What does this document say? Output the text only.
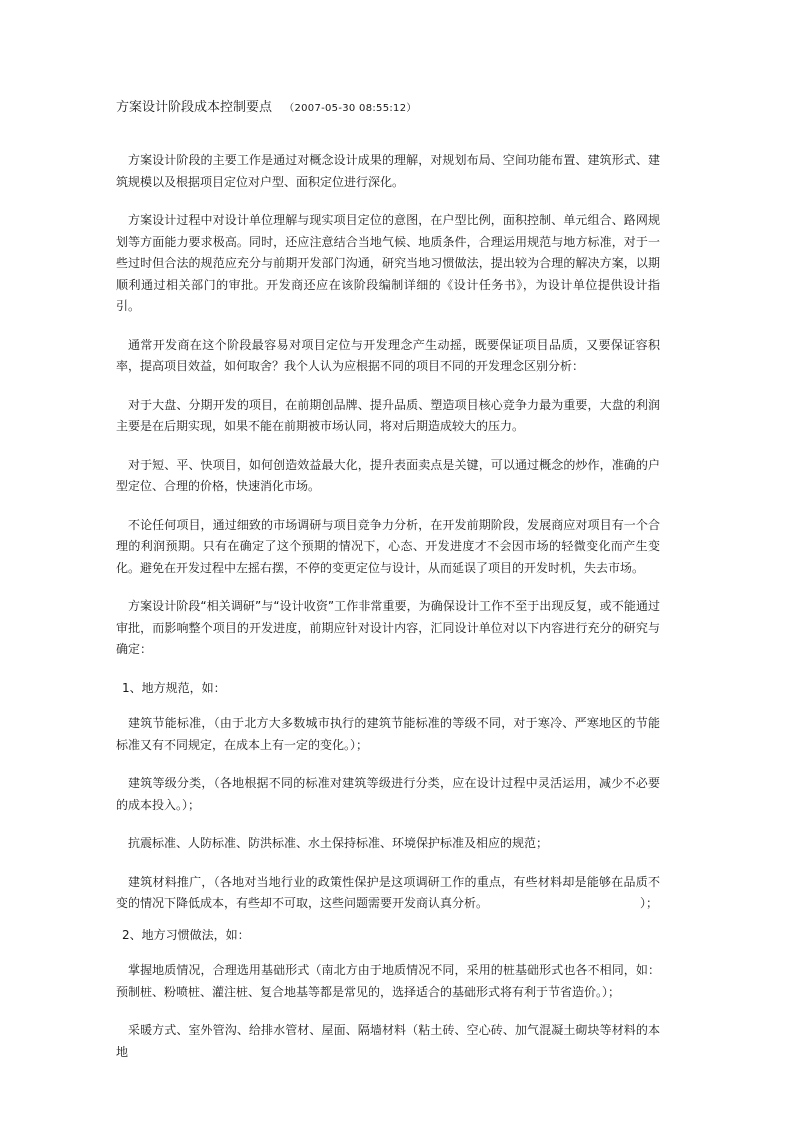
方案设计阶段成本控制要点 （2007-05-30 08:55:12）

方案设计阶段的主要工作是通过对概念设计成果的理解，对规划布局、空间功能布置、建筑形式、建筑规模以及根据项目定位对户型、面积定位进行深化。

方案设计过程中对设计单位理解与现实项目定位的意图，在户型比例，面积控制、单元组合、路网规划等方面能力要求极高。同时，还应注意结合当地气候、地质条件，合理运用规范与地方标准，对于一些过时但合法的规范应充分与前期开发部门沟通，研究当地习惯做法，提出较为合理的解决方案，以期顺利通过相关部门的审批。开发商还应在该阶段编制详细的《设计任务书》，为设计单位提供设计指引。

通常开发商在这个阶段最容易对项目定位与开发理念产生动摇，既要保证项目品质，又要保证容积率，提高项目效益，如何取舍？我个人认为应根据不同的项目不同的开发理念区别分析：

对于大盘、分期开发的项目，在前期创品牌、提升品质、塑造项目核心竞争力最为重要，大盘的利润主要是在后期实现，如果不能在前期被市场认同，将对后期造成较大的压力。

对于短、平、快项目，如何创造效益最大化，提升表面卖点是关键，可以通过概念的炒作，准确的户型定位、合理的价格，快速消化市场。

不论任何项目，通过细致的市场调研与项目竞争力分析，在开发前期阶段，发展商应对项目有一个合理的利润预期。只有在确定了这个预期的情况下，心态、开发进度才不会因市场的轻微变化而产生变化。避免在开发过程中左摇右摆，不停的变更定位与设计，从而延误了项目的开发时机，失去市场。

方案设计阶段“相关调研”与“设计收资”工作非常重要，为确保设计工作不至于出现反复，或不能通过审批，而影响整个项目的开发进度，前期应针对设计内容，汇同设计单位对以下内容进行充分的研究与确定：

1、地方规范，如：

建筑节能标准，（由于北方大多数城市执行的建筑节能标准的等级不同，对于寒冷、严寒地区的节能标准又有不同规定，在成本上有一定的变化。）；

建筑等级分类，（各地根据不同的标准对建筑等级进行分类，应在设计过程中灵活运用，减少不必要的成本投入。）；

抗震标准、人防标准、防洪标准、水土保持标准、环境保护标准及相应的规范；

建筑材料推广，（各地对当地行业的政策性保护是这项调研工作的重点，有些材料却是能够在品质不变的情况下降低成本，有些却不可取，这些问题需要开发商认真分析。	）；

2、地方习惯做法，如：

掌握地质情况，合理选用基础形式（南北方由于地质情况不同，采用的桩基础形式也各不相同，如：预制桩、粉喷桩、灌注桩、复合地基等都是常见的，选择适合的基础形式将有利于节省造价。）；

采暖方式、室外管沟、给排水管材、屋面、隔墙材料（粘土砖、空心砖、加气混凝土砌块等材料的本地
